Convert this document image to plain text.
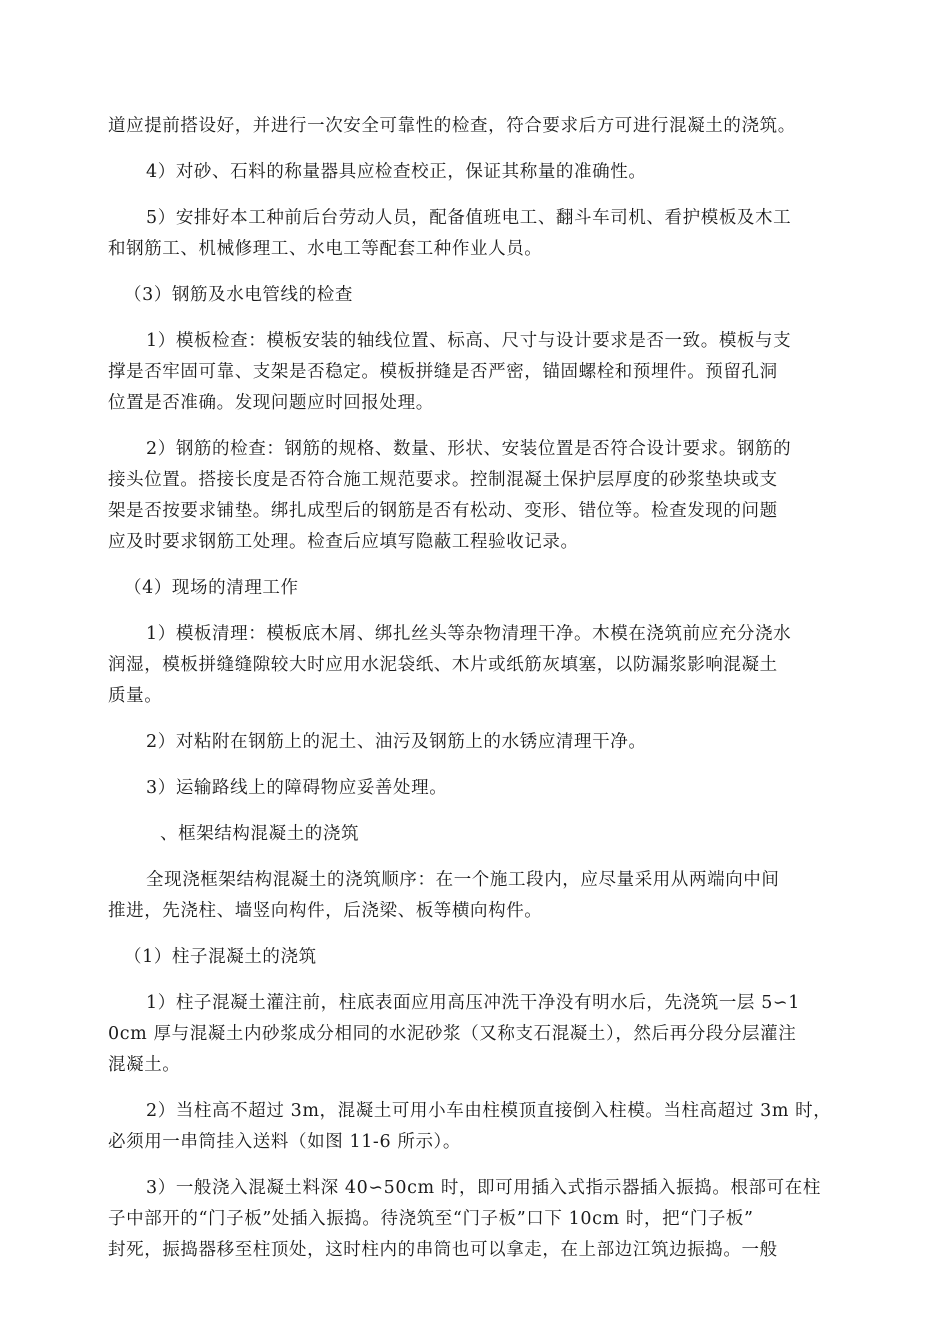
道应提前搭设好，并进行一次安全可靠性的检查，符合要求后方可进行混凝土的浇筑。
4）对砂、石料的称量器具应检查校正，保证其称量的准确性。
5）安排好本工种前后台劳动人员，配备值班电工、翻斗车司机、看护模板及木工
和钢筋工、机械修理工、水电工等配套工种作业人员。
（3）钢筋及水电管线的检查
1）模板检查：模板安装的轴线位置、标高、尺寸与设计要求是否一致。模板与支
撑是否牢固可靠、支架是否稳定。模板拼缝是否严密，锚固螺栓和预埋件。预留孔洞
位置是否准确。发现问题应时回报处理。
2）钢筋的检查：钢筋的规格、数量、形状、安装位置是否符合设计要求。钢筋的
接头位置。搭接长度是否符合施工规范要求。控制混凝土保护层厚度的砂浆垫块或支
架是否按要求铺垫。绑扎成型后的钢筋是否有松动、变形、错位等。检查发现的问题
应及时要求钢筋工处理。检查后应填写隐蔽工程验收记录。
（4）现场的清理工作
1）模板清理：模板底木屑、绑扎丝头等杂物清理干净。木模在浇筑前应充分浇水
润湿，模板拼缝缝隙较大时应用水泥袋纸、木片或纸筋灰填塞，以防漏浆影响混凝土
质量。
2）对粘附在钢筋上的泥土、油污及钢筋上的水锈应清理干净。
3）运输路线上的障碍物应妥善处理。
、框架结构混凝土的浇筑
全现浇框架结构混凝土的浇筑顺序：在一个施工段内，应尽量采用从两端向中间
推进，先浇柱、墙竖向构件，后浇梁、板等横向构件。
（1）柱子混凝土的浇筑
1）柱子混凝土灌注前，柱底表面应用高压冲洗干净没有明水后，先浇筑一层 5∽1
0cm 厚与混凝土内砂浆成分相同的水泥砂浆（又称支石混凝土），然后再分段分层灌注
混凝土。
2）当柱高不超过 3m，混凝土可用小车由柱模顶直接倒入柱模。当柱高超过 3m 时，
必须用一串筒挂入送料（如图 11-6 所示）。
3）一般浇入混凝土料深 40∽50cm 时，即可用插入式指示器插入振捣。根部可在柱
子中部开的“门子板”处插入振捣。待浇筑至“门子板”口下 10cm 时，把“门子板”
封死，振捣器移至柱顶处，这时柱内的串筒也可以拿走，在上部边江筑边振捣。一般
